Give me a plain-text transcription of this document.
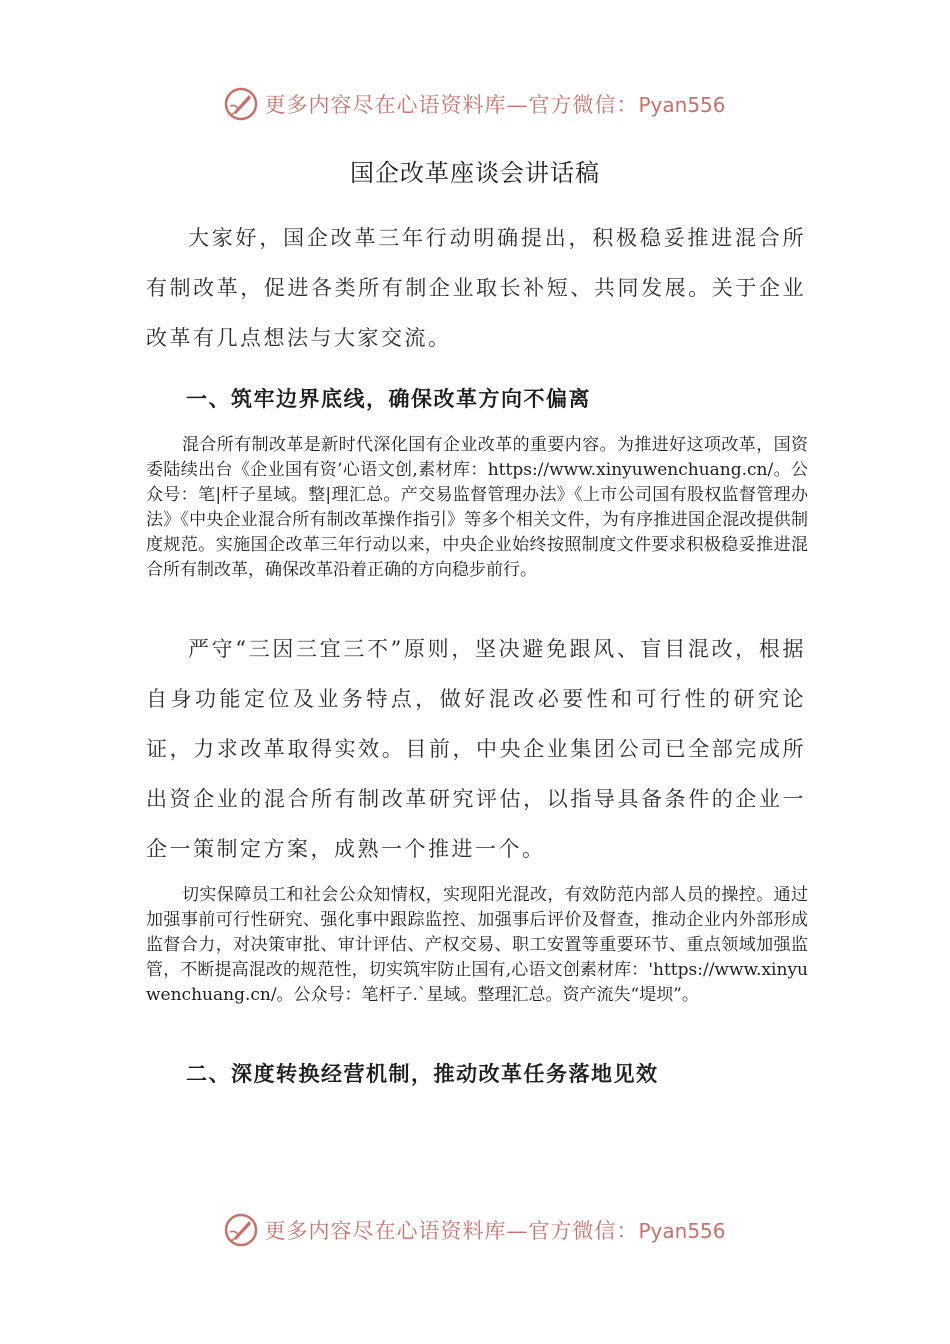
更多内容尽在心语资料库—官方微信：Pyan556
国企改革座谈会讲话稿

大家好，国企改革三年行动明确提出，积极稳妥推进混合所有制改革，促进各类所有制企业取长补短、共同发展。关于企业改革有几点想法与大家交流。

一、筑牢边界底线，确保改革方向不偏离

混合所有制改革是新时代深化国有企业改革的重要内容。为推进好这项改革，国资委陆续出台《企业国有资’心语文创,素材库：https://www.xinyuwenchuang.cn/。公众号：笔|杆子星域。整|理汇总。产交易监督管理办法》《上市公司国有股权监督管理办法》《中央企业混合所有制改革操作指引》等多个相关文件，为有序推进国企混改提供制度规范。实施国企改革三年行动以来，中央企业始终按照制度文件要求积极稳妥推进混合所有制改革，确保改革沿着正确的方向稳步前行。

严守“三因三宜三不”原则，坚决避免跟风、盲目混改，根据自身功能定位及业务特点，做好混改必要性和可行性的研究论证，力求改革取得实效。目前，中央企业集团公司已全部完成所出资企业的混合所有制改革研究评估，以指导具备条件的企业一企一策制定方案，成熟一个推进一个。

切实保障员工和社会公众知情权，实现阳光混改，有效防范内部人员的操控。通过加强事前可行性研究、强化事中跟踪监控、加强事后评价及督查，推动企业内外部形成监督合力，对决策审批、审计评估、产权交易、职工安置等重要环节、重点领域加强监管，不断提高混改的规范性，切实筑牢防止国有,心语文创素材库：'https://www.xinyuwenchuang.cn/。公众号：笔杆子.`星域。整理汇总。资产流失“堤坝”。

二、深度转换经营机制，推动改革任务落地见效
更多内容尽在心语资料库—官方微信：Pyan556
